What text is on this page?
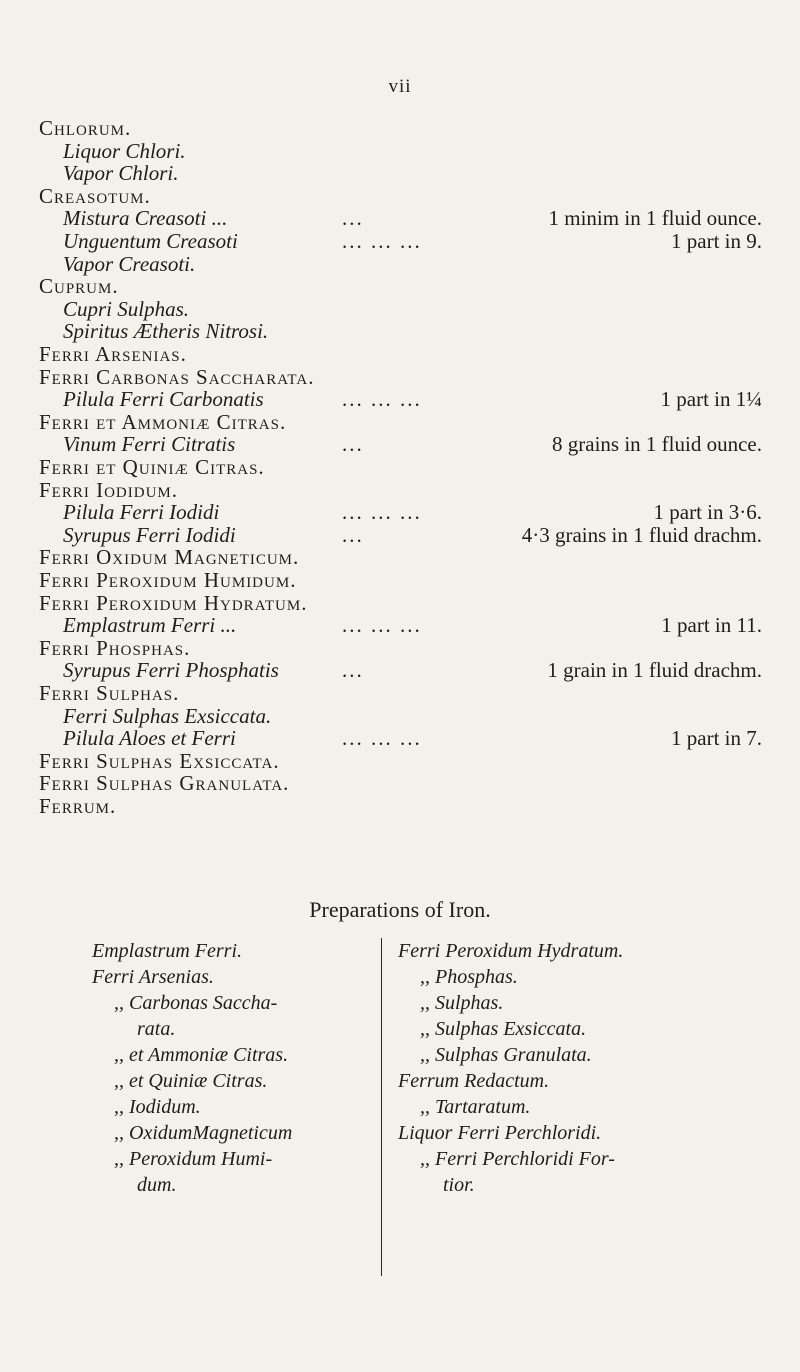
vii
Chlorum.
Liquor Chlori.
Vapor Chlori.
Creasotum.
Mistura Creasoti ...	...	1 minim in 1 fluid ounce.
Unguentum Creasoti	... ... ...	1 part in 9.
Vapor Creasoti.
Cuprum.
Cupri Sulphas.
Spiritus Ætheris Nitrosi.
Ferri Arsenias.
Ferri Carbonas Saccharata.
Pilula Ferri Carbonatis	... ... ...	1 part in 1¼
Ferri et Ammoniæ Citras.
Vinum Ferri Citratis	...	8 grains in 1 fluid ounce.
Ferri et Quiniæ Citras.
Ferri Iodidum.
Pilula Ferri Iodidi	... ... ...	1 part in 3·6.
Syrupus Ferri Iodidi	...	4·3 grains in 1 fluid drachm.
Ferri Oxidum Magneticum.
Ferri Peroxidum Humidum.
Ferri Peroxidum Hydratum.
Emplastrum Ferri ...	... ... ...	1 part in 11.
Ferri Phosphas.
Syrupus Ferri Phosphatis	...	1 grain in 1 fluid drachm.
Ferri Sulphas.
Ferri Sulphas Exsiccata.
Pilula Aloes et Ferri	... ... ...	1 part in 7.
Ferri Sulphas Exsiccata.
Ferri Sulphas Granulata.
Ferrum.
Preparations of Iron.
Emplastrum Ferri.
Ferri Arsenias.
,, Carbonas Saccha-
rata.
,, et Ammoniæ Citras.
,, et Quiniæ Citras.
,, Iodidum.
,, OxidumMagneticum
,, Peroxidum Humi-
dum.
Ferri Peroxidum Hydratum.
,, Phosphas.
,, Sulphas.
,, Sulphas Exsiccata.
,, Sulphas Granulata.
Ferrum Redactum.
,, Tartaratum.
Liquor Ferri Perchloridi.
,, Ferri Perchloridi For-
tior.
